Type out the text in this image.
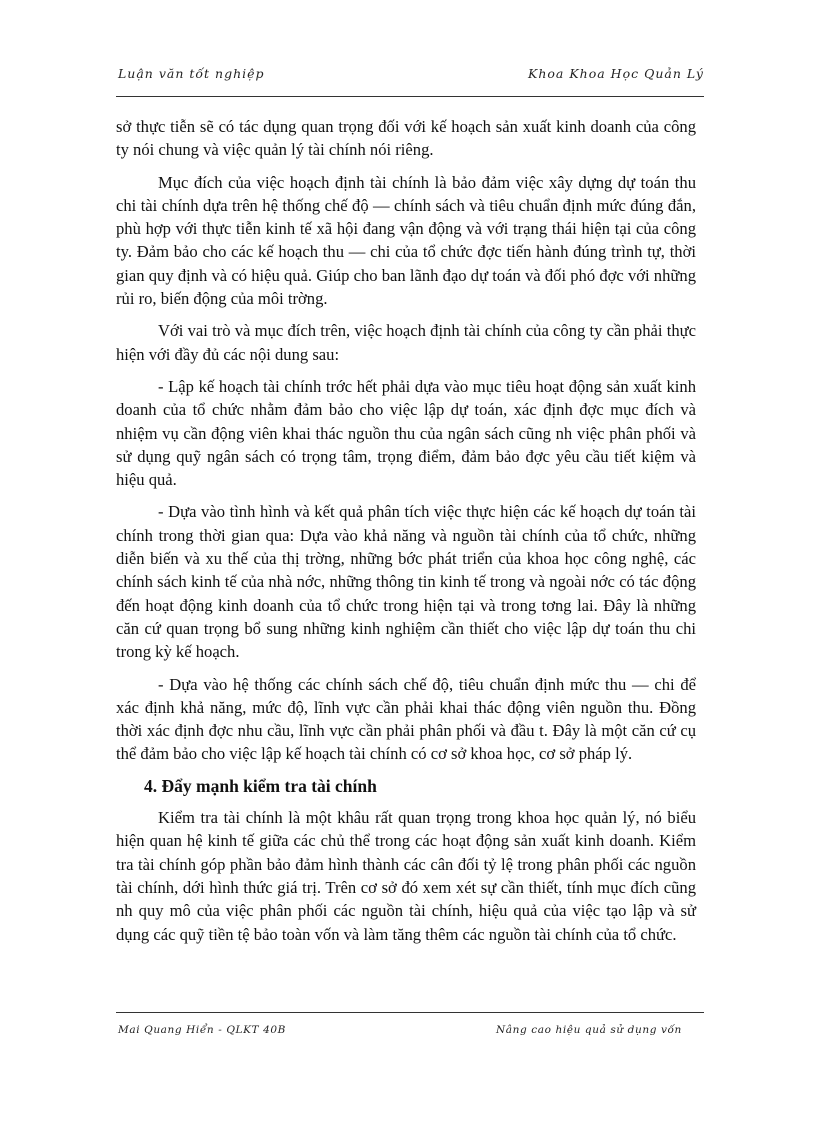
Luận văn tốt nghiệp	Khoa Khoa Học Quản Lý

sở thực tiễn sẽ có tác dụng quan trọng đối với kế hoạch sản xuất kinh doanh của công ty nói chung và việc quản lý tài chính nói riêng.

Mục đích của việc hoạch định tài chính là bảo đảm việc xây dựng dự toán thu chi tài chính dựa trên hệ thống chế độ — chính sách và tiêu chuẩn định mức đúng đắn, phù hợp với thực tiễn kinh tế xã hội đang vận động và với trạng thái hiện tại của công ty. Đảm bảo cho các kế hoạch thu — chi của tổ chức đợc tiến hành đúng trình tự, thời gian quy định và có hiệu quả. Giúp cho ban lãnh đạo dự toán và đối phó đợc với những rủi ro, biến động của môi trờng.

Với vai trò và mục đích trên, việc hoạch định tài chính của công ty cần phải thực hiện với đầy đủ các nội dung sau:

- Lập kế hoạch tài chính trớc hết phải dựa vào mục tiêu hoạt động sản xuất kinh doanh của tổ chức nhằm đảm bảo cho việc lập dự toán, xác định đợc mục đích và nhiệm vụ cần động viên khai thác nguồn thu của ngân sách cũng nh việc phân phối và sử dụng quỹ ngân sách có trọng tâm, trọng điểm, đảm bảo đợc yêu cầu tiết kiệm và hiệu quả.

- Dựa vào tình hình và kết quả phân tích việc thực hiện các kế hoạch dự toán tài chính trong thời gian qua: Dựa vào khả năng và nguồn tài chính của tổ chức, những diễn biến và xu thế của thị trờng, những bớc phát triển của khoa học công nghệ, các chính sách kinh tế của nhà nớc, những thông tin kinh tế trong và ngoài nớc có tác động đến hoạt động kinh doanh của tổ chức trong hiện tại và trong tơng lai. Đây là những căn cứ quan trọng bổ sung những kinh nghiệm cần thiết cho việc lập dự toán thu chi trong kỳ kế hoạch.

- Dựa vào hệ thống các chính sách chế độ, tiêu chuẩn định mức thu — chi để xác định khả năng, mức độ, lĩnh vực cần phải khai thác động viên nguồn thu. Đồng thời xác định đợc nhu cầu, lĩnh vực cần phải phân phối và đầu t. Đây là một căn cứ cụ thể đảm bảo cho việc lập kế hoạch tài chính có cơ sở khoa học, cơ sở pháp lý.

4. Đẩy mạnh kiểm tra tài chính

Kiểm tra tài chính là một khâu rất quan trọng trong khoa học quản lý, nó biểu hiện quan hệ kinh tế giữa các chủ thể trong các hoạt động sản xuất kinh doanh. Kiểm tra tài chính góp phần bảo đảm hình thành các cân đối tỷ lệ trong phân phối các nguồn tài chính, dới hình thức giá trị. Trên cơ sở đó xem xét sự cần thiết, tính mục đích cũng nh quy mô của việc phân phối các nguồn tài chính, hiệu quả của việc tạo lập và sử dụng các quỹ tiền tệ bảo toàn vốn và làm tăng thêm các nguồn tài chính của tổ chức.

Mai Quang Hiển - QLKT 40B	Nâng cao hiệu quả sử dụng vốn
